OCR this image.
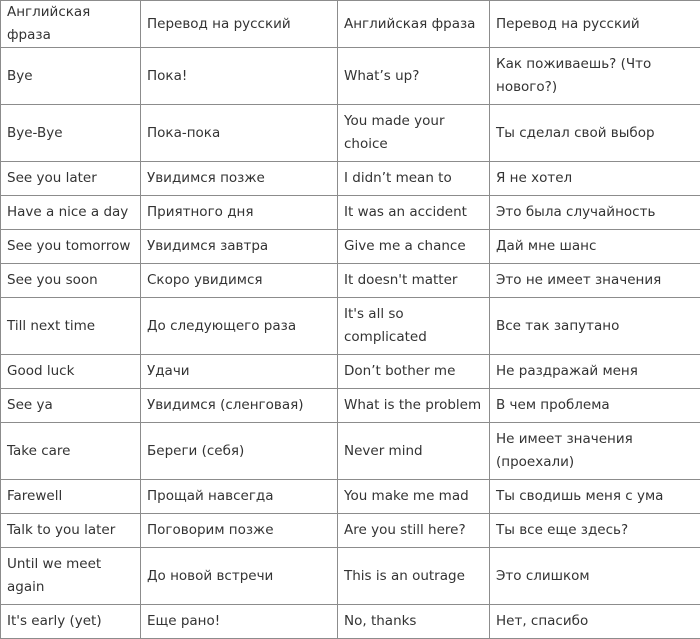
Английская фраза	Перевод на русский	Английская фраза	Перевод на русский
Bye	Пока!	What’s up?	Как поживаешь? (Что нового?)
Bye-Bye	Пока-пока	You made your choice	Ты сделал свой выбор
See you later	Увидимся позже	I didn’t mean to	Я не хотел
Have a nice a day	Приятного дня	It was an accident	Это была случайность
See you tomorrow	Увидимся завтра	Give me a chance	Дай мне шанс
See you soon	Скоро увидимся	It doesn't matter	Это не имеет значения
Till next time	До следующего раза	It's all so complicated	Все так запутано
Good luck	Удачи	Don’t bother me	Не раздражай меня
See ya	Увидимся (сленговая)	What is the problem	В чем проблема
Take care	Береги (себя)	Never mind	Не имеет значения (проехали)
Farewell	Прощай навсегда	You make me mad	Ты сводишь меня с ума
Talk to you later	Поговорим позже	Are you still here?	Ты все еще здесь?
Until we meet again	До новой встречи	This is an outrage	Это слишком
It's early (yet)	Еще рано!	No, thanks	Нет, спасибо
